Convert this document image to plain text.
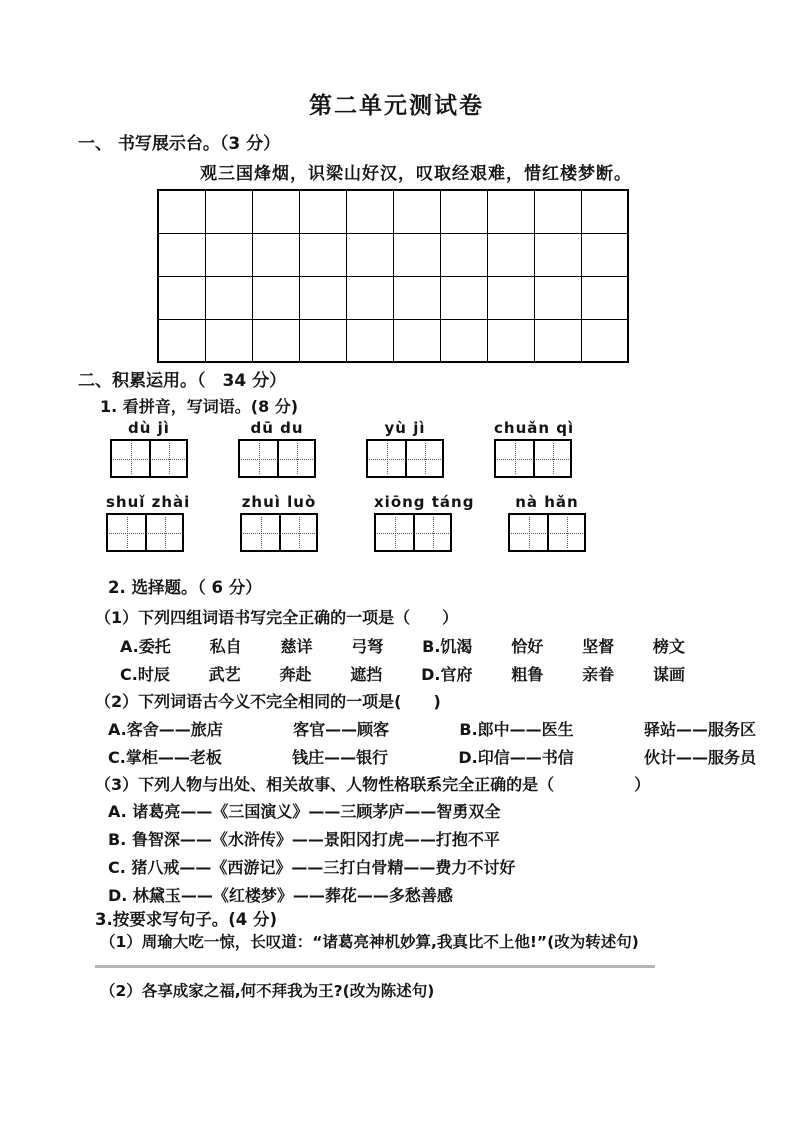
第二单元测试卷
一、 书写展示台。（3 分）
观三国烽烟，识梁山好汉，叹取经艰难，惜红楼梦断。

二、积累运用。（　34 分）
1. 看拼音，写词语。(8 分)
dù jì	dū du	yù jì	chuǎn qì
shuǐ zhài	zhuì luò	xiōng táng	nà hǎn
2. 选择题。（ 6 分）
（1）下列四组词语书写完全正确的一项是（　　）
A.委托 私自 慈详 弓弩 B.饥渴 恰好 坚督 榜文
C.时辰 武艺 奔赴 遮挡 D.官府 粗鲁 亲眷 谋画
（2）下列词语古今义不完全相同的一项是(　　)
A.客舍——旅店	客官——顾客	B.郎中——医生	驿站——服务区
C.掌柜——老板	钱庄——银行	D.印信——书信	伙计——服务员
（3）下列人物与出处、相关故事、人物性格联系完全正确的是（　　　　　）
A. 诸葛亮——《三国演义》——三顾茅庐——智勇双全
B. 鲁智深——《水浒传》——景阳冈打虎——打抱不平
C. 猪八戒——《西游记》——三打白骨精——费力不讨好
D. 林黛玉——《红楼梦》——葬花——多愁善感
3.按要求写句子。(4 分)
（1）周瑜大吃一惊，长叹道：“诸葛亮神机妙算,我真比不上他!”(改为转述句)
（2）各享成家之福,何不拜我为王?(改为陈述句)
